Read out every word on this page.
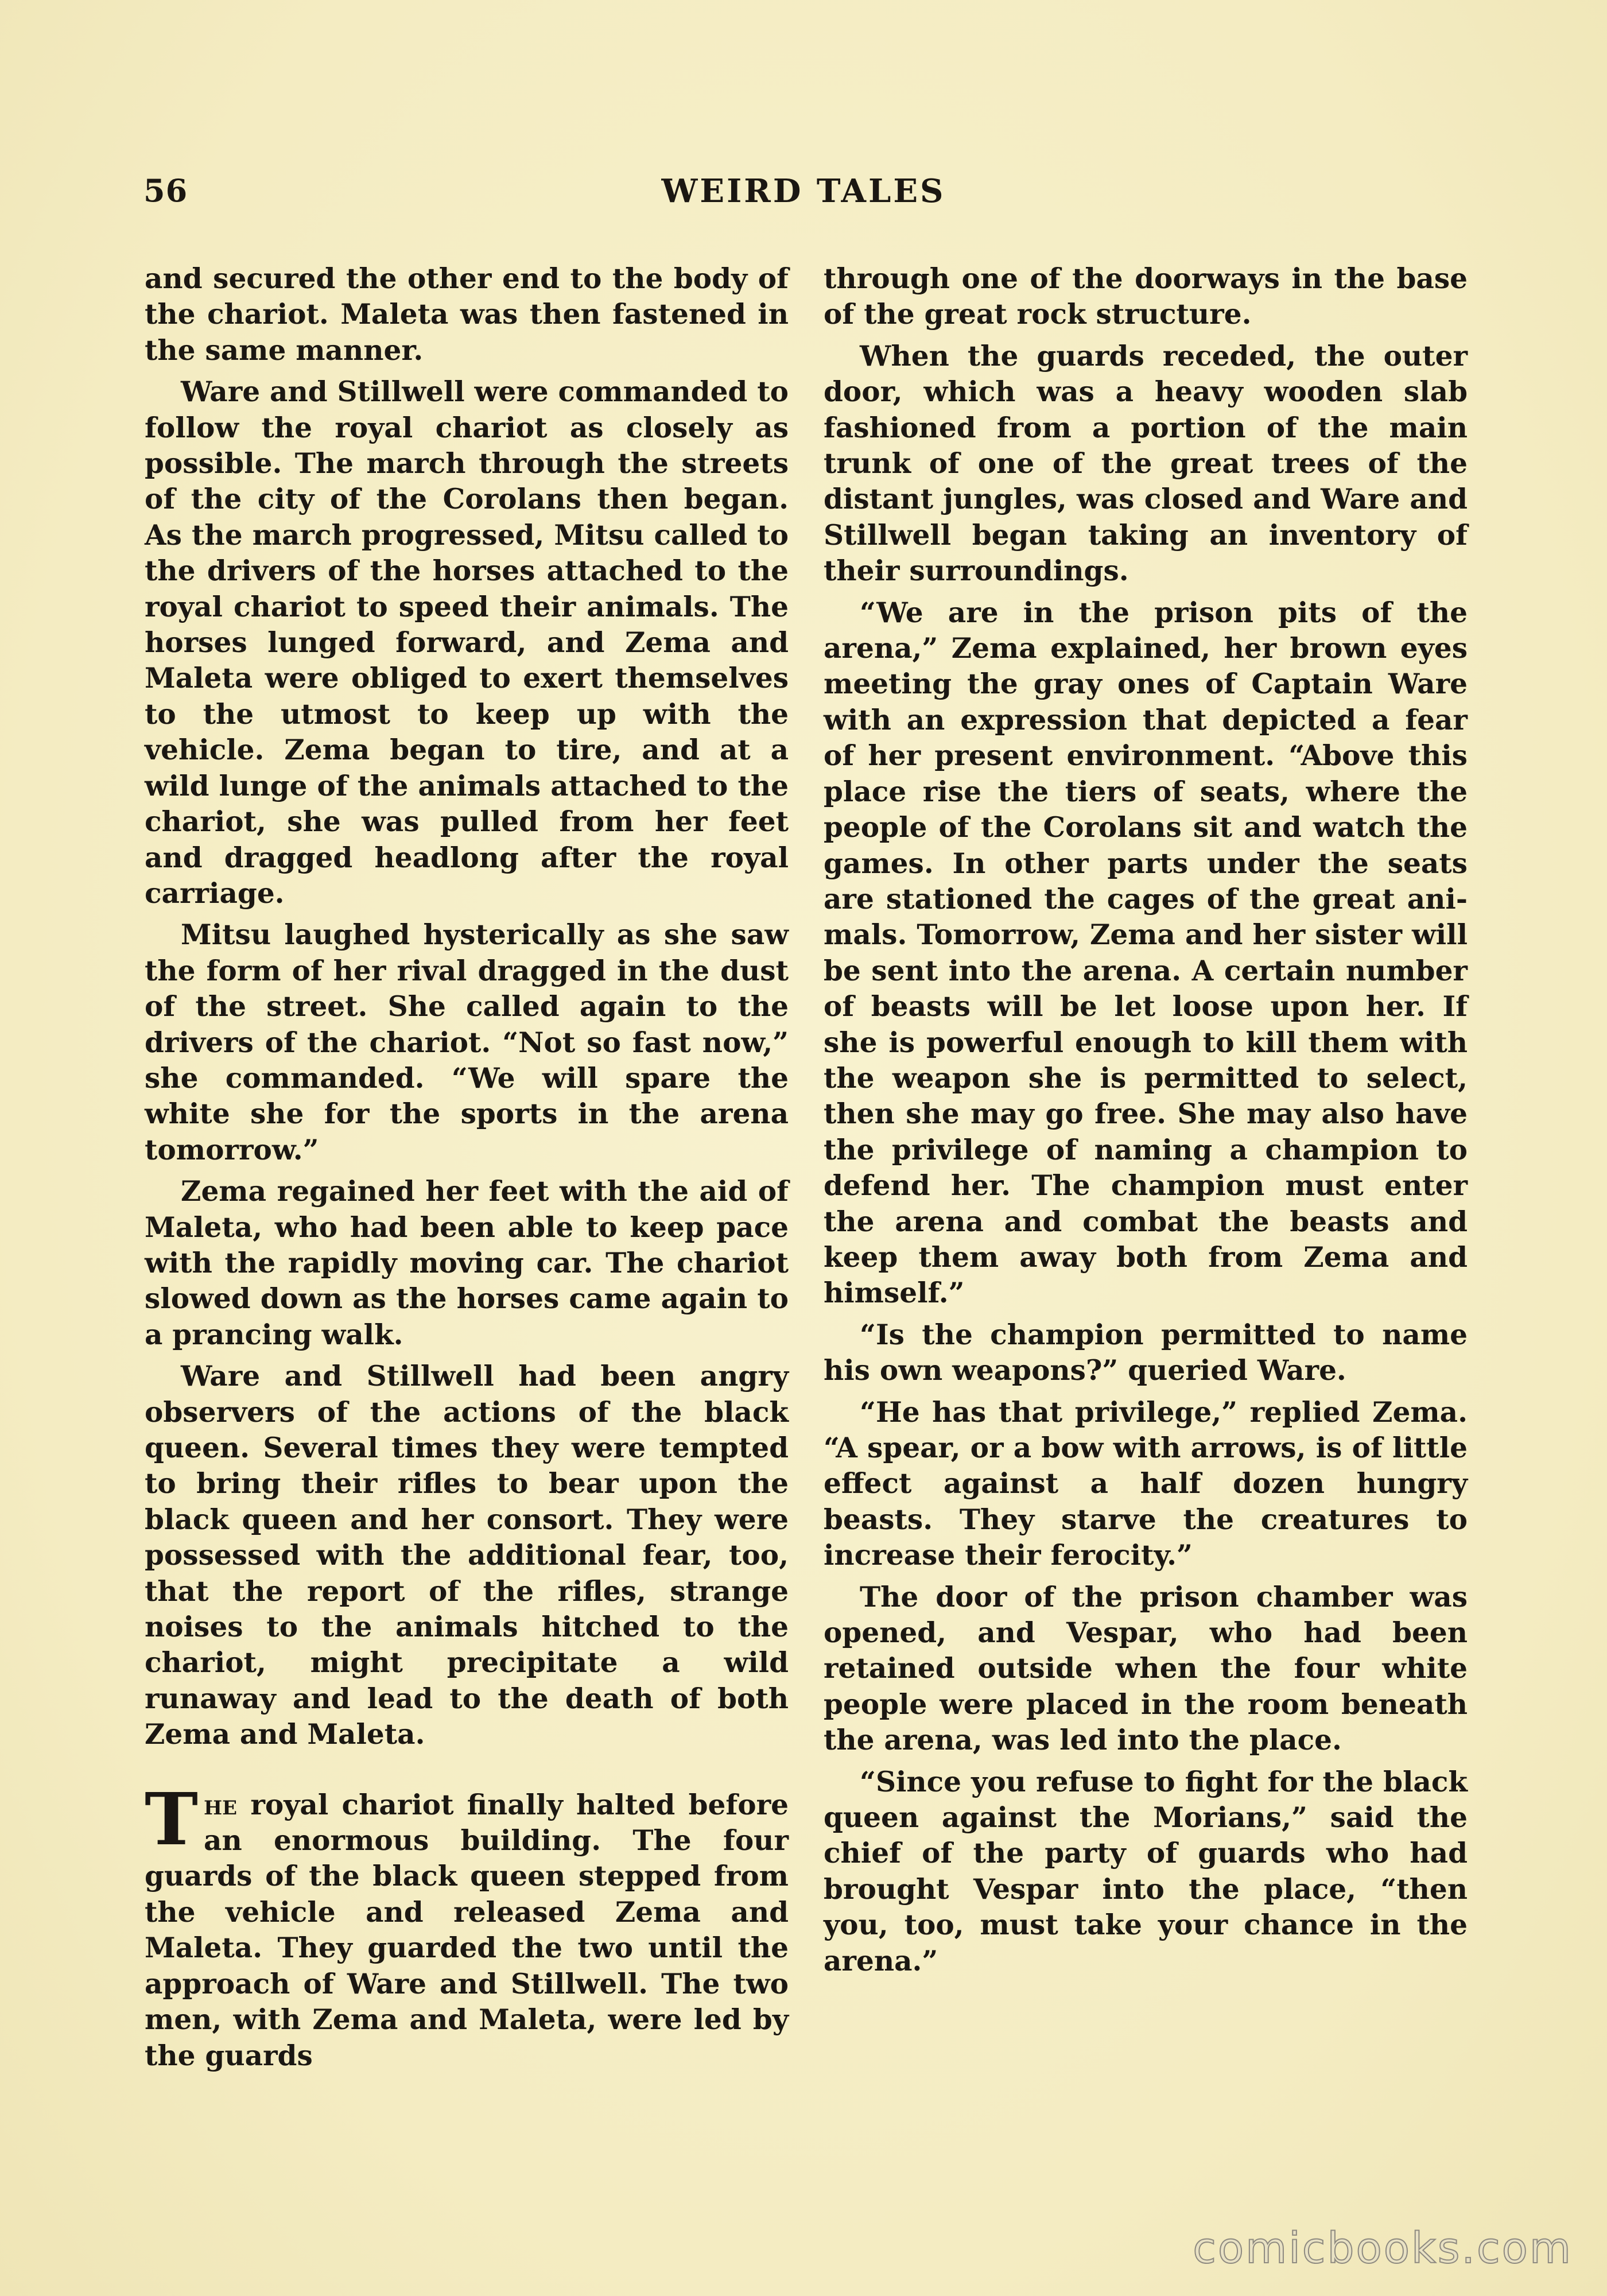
56	WEIRD TALES

and secured the other end to the body of the chariot. Maleta was then fastened in the same manner.

Ware and Stillwell were commanded to follow the royal chariot as closely as possible. The march through the streets of the city of the Corolans then began. As the march progressed, Mitsu called to the drivers of the horses attached to the royal chariot to speed their animals. The horses lunged forward, and Zema and Maleta were obliged to exert themselves to the utmost to keep up with the vehicle. Zema began to tire, and at a wild lunge of the animals attached to the chariot, she was pulled from her feet and dragged headlong after the royal carriage.

Mitsu laughed hysterically as she saw the form of her rival dragged in the dust of the street. She called again to the drivers of the chariot. “Not so fast now,” she commanded. “We will spare the white she for the sports in the arena tomorrow.”

Zema regained her feet with the aid of Maleta, who had been able to keep pace with the rapidly moving car. The chariot slowed down as the horses came again to a prancing walk.

Ware and Stillwell had been angry observers of the actions of the black queen. Several times they were tempted to bring their rifles to bear upon the black queen and her consort. They were possessed with the additional fear, too, that the report of the rifles, strange noises to the animals hitched to the chariot, might precipitate a wild runaway and lead to the death of both Zema and Maleta.

The royal chariot finally halted before an enormous building. The four guards of the black queen stepped from the vehicle and released Zema and Maleta. They guarded the two until the approach of Ware and Stillwell. The two men, with Zema and Maleta, were led by the guards

through one of the doorways in the base of the great rock structure.

When the guards receded, the outer door, which was a heavy wooden slab fashioned from a portion of the main trunk of one of the great trees of the distant jungles, was closed and Ware and Stillwell began taking an inventory of their surroundings.

“We are in the prison pits of the arena,” Zema explained, her brown eyes meeting the gray ones of Captain Ware with an expression that depicted a fear of her present environment. “Above this place rise the tiers of seats, where the people of the Corolans sit and watch the games. In other parts under the seats are stationed the cages of the great animals. Tomorrow, Zema and her sister will be sent into the arena. A certain number of beasts will be let loose upon her. If she is powerful enough to kill them with the weapon she is permitted to select, then she may go free. She may also have the privilege of naming a champion to defend her. The champion must enter the arena and combat the beasts and keep them away both from Zema and himself.”

“Is the champion permitted to name his own weapons?” queried Ware.

“He has that privilege,” replied Zema. “A spear, or a bow with arrows, is of little effect against a half dozen hungry beasts. They starve the creatures to increase their ferocity.”

The door of the prison chamber was opened, and Vespar, who had been retained outside when the four white people were placed in the room beneath the arena, was led into the place.

“Since you refuse to fight for the black queen against the Morians,” said the chief of the party of guards who had brought Vespar into the place, “then you, too, must take your chance in the arena.”

comicbooks.com
